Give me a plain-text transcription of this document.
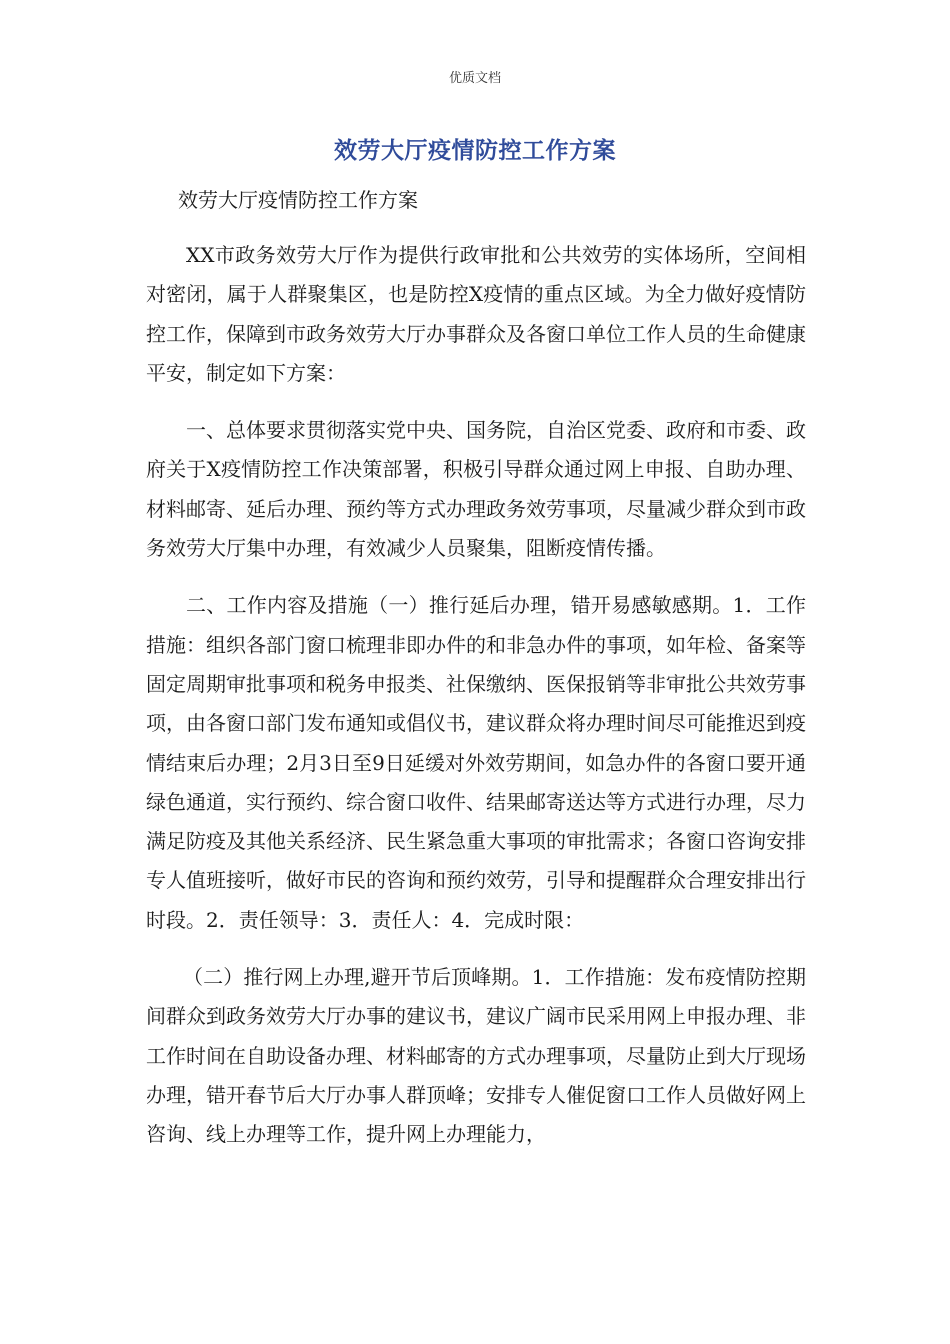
优质文档
效劳大厅疫情防控工作方案
效劳大厅疫情防控工作方案

XX市政务效劳大厅作为提供行政审批和公共效劳的实体场所，空间相对密闭，属于人群聚集区，也是防控X疫情的重点区域。为全力做好疫情防控工作，保障到市政务效劳大厅办事群众及各窗口单位工作人员的生命健康平安，制定如下方案：

一、总体要求贯彻落实党中央、国务院，自治区党委、政府和市委、政府关于X疫情防控工作决策部署，积极引导群众通过网上申报、自助办理、材料邮寄、延后办理、预约等方式办理政务效劳事项，尽量减少群众到市政务效劳大厅集中办理，有效减少人员聚集，阻断疫情传播。

二、工作内容及措施（一）推行延后办理，错开易感敏感期。1．工作措施：组织各部门窗口梳理非即办件的和非急办件的事项，如年检、备案等固定周期审批事项和税务申报类、社保缴纳、医保报销等非审批公共效劳事项，由各窗口部门发布通知或倡仪书，建议群众将办理时间尽可能推迟到疫情结束后办理；2月3日至9日延缓对外效劳期间，如急办件的各窗口要开通绿色通道，实行预约、综合窗口收件、结果邮寄送达等方式进行办理，尽力满足防疫及其他关系经济、民生紧急重大事项的审批需求；各窗口咨询安排专人值班接听，做好市民的咨询和预约效劳，引导和提醒群众合理安排出行时段。2．责任领导：3．责任人：4．完成时限：

（二）推行网上办理,避开节后顶峰期。1．工作措施：发布疫情防控期间群众到政务效劳大厅办事的建议书，建议广阔市民采用网上申报办理、非工作时间在自助设备办理、材料邮寄的方式办理事项，尽量防止到大厅现场办理，错开春节后大厅办事人群顶峰；安排专人催促窗口工作人员做好网上咨询、线上办理等工作，提升网上办理能力，
